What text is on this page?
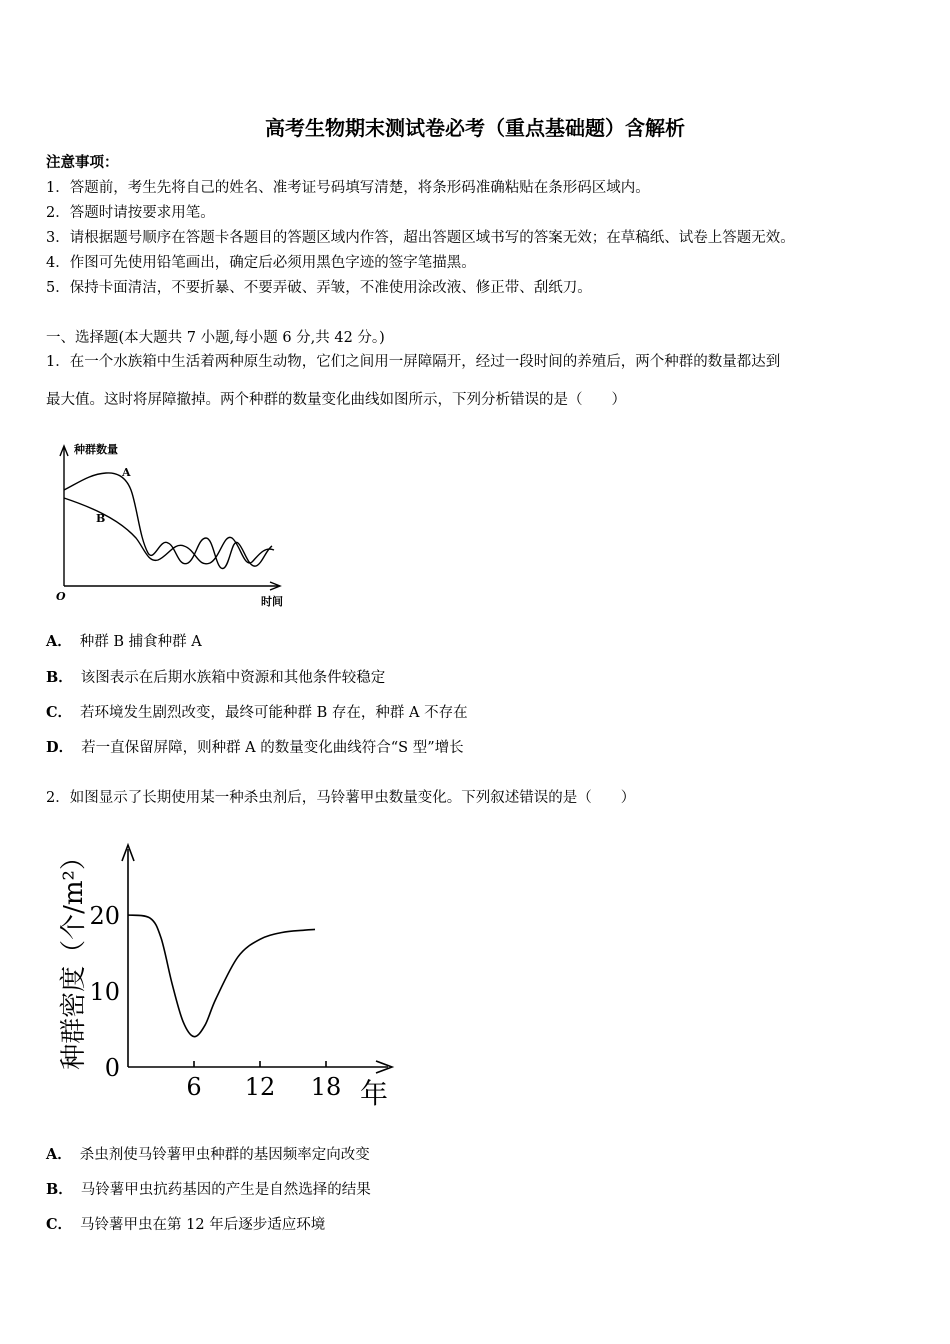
高考生物期末测试卷必考（重点基础题）含解析
注意事项：
1．答题前，考生先将自己的姓名、准考证号码填写清楚，将条形码准确粘贴在条形码区域内。
2．答题时请按要求用笔。
3．请根据题号顺序在答题卡各题目的答题区域内作答，超出答题区域书写的答案无效；在草稿纸、试卷上答题无效。
4．作图可先使用铅笔画出，确定后必须用黑色字迹的签字笔描黑。
5．保持卡面清洁，不要折暴、不要弄破、弄皱，不准使用涂改液、修正带、刮纸刀。
一、选择题(本大题共 7 小题,每小题 6 分,共 42 分。)
1．在一个水族箱中生活着两种原生动物，它们之间用一屏障隔开，经过一段时间的养殖后，两个种群的数量都达到
最大值。这时将屏障撤掉。两个种群的数量变化曲线如图所示，下列分析错误的是（　　）
种群数量
时间
O
A
B
A． 种群 B 捕食种群 A
B． 该图表示在后期水族箱中资源和其他条件较稳定
C． 若环境发生剧烈改变，最终可能种群 B 存在，种群 A 不存在
D． 若一直保留屏障，则种群 A 的数量变化曲线符合“S 型”增长
2．如图显示了长期使用某一种杀虫剂后，马铃薯甲虫数量变化。下列叙述错误的是（　　）
6 12 18
0
10
20
种群密度（个/m²）
年
A． 杀虫剂使马铃薯甲虫种群的基因频率定向改变
B． 马铃薯甲虫抗药基因的产生是自然选择的结果
C． 马铃薯甲虫在第 12 年后逐步适应环境
